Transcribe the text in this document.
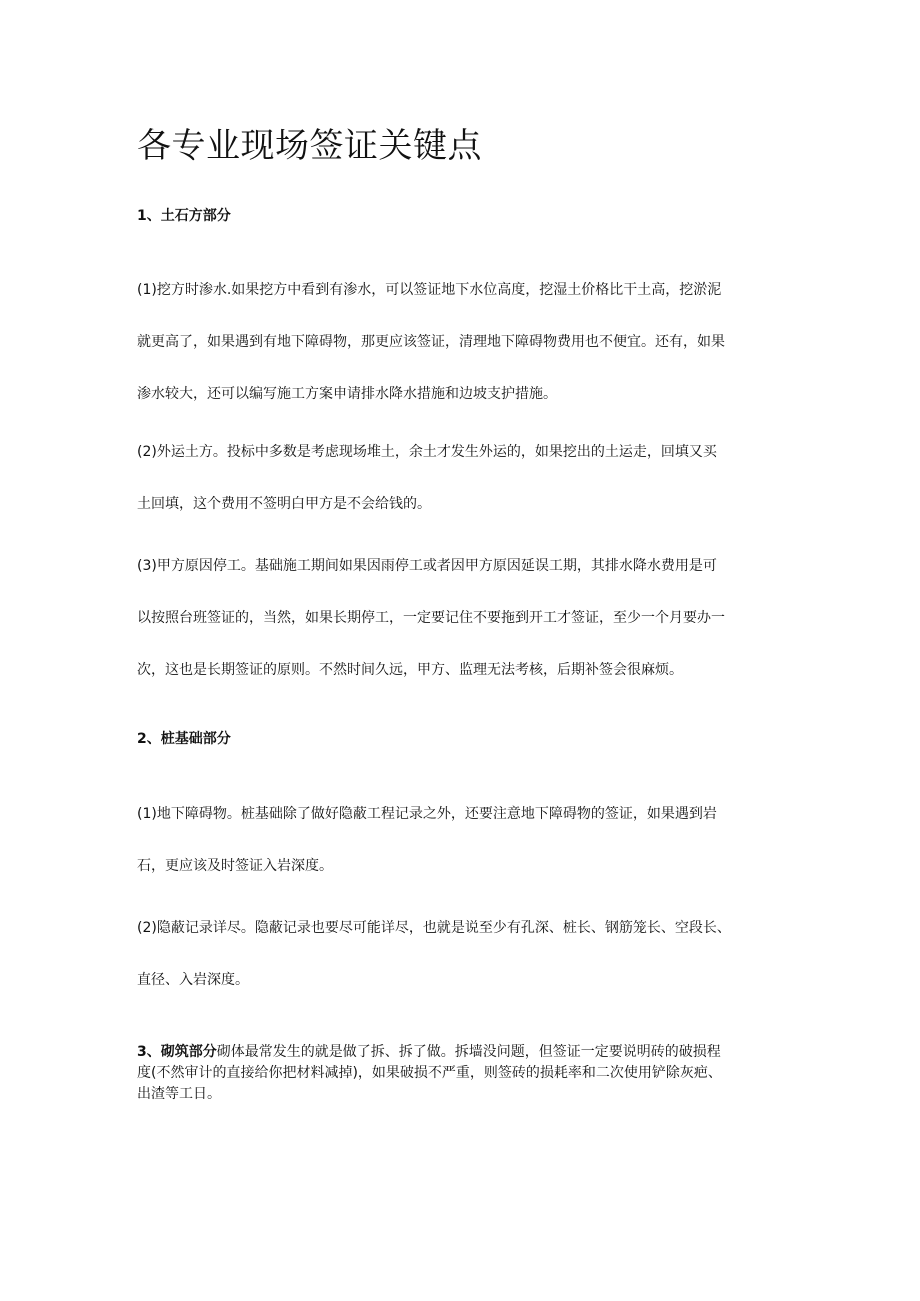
各专业现场签证关键点
1、土石方部分

(1)挖方时渗水.如果挖方中看到有渗水，可以签证地下水位高度，挖湿土价格比干土高，挖淤泥
就更高了，如果遇到有地下障碍物，那更应该签证，清理地下障碍物费用也不便宜。还有，如果
渗水较大，还可以编写施工方案申请排水降水措施和边坡支护措施。

(2)外运土方。投标中多数是考虑现场堆土，余土才发生外运的，如果挖出的土运走，回填又买
土回填，这个费用不签明白甲方是不会给钱的。

(3)甲方原因停工。基础施工期间如果因雨停工或者因甲方原因延误工期，其排水降水费用是可
以按照台班签证的，当然，如果长期停工，一定要记住不要拖到开工才签证，至少一个月要办一
次，这也是长期签证的原则。不然时间久远，甲方、监理无法考核，后期补签会很麻烦。

2、桩基础部分

(1)地下障碍物。桩基础除了做好隐蔽工程记录之外，还要注意地下障碍物的签证，如果遇到岩
石，更应该及时签证入岩深度。

(2)隐蔽记录详尽。隐蔽记录也要尽可能详尽，也就是说至少有孔深、桩长、钢筋笼长、空段长、
直径、入岩深度。

3、砌筑部分砌体最常发生的就是做了拆、拆了做。拆墙没问题，但签证一定要说明砖的破损程
度(不然审计的直接给你把材料减掉)，如果破损不严重，则签砖的损耗率和二次使用铲除灰疤、
出渣等工日。
